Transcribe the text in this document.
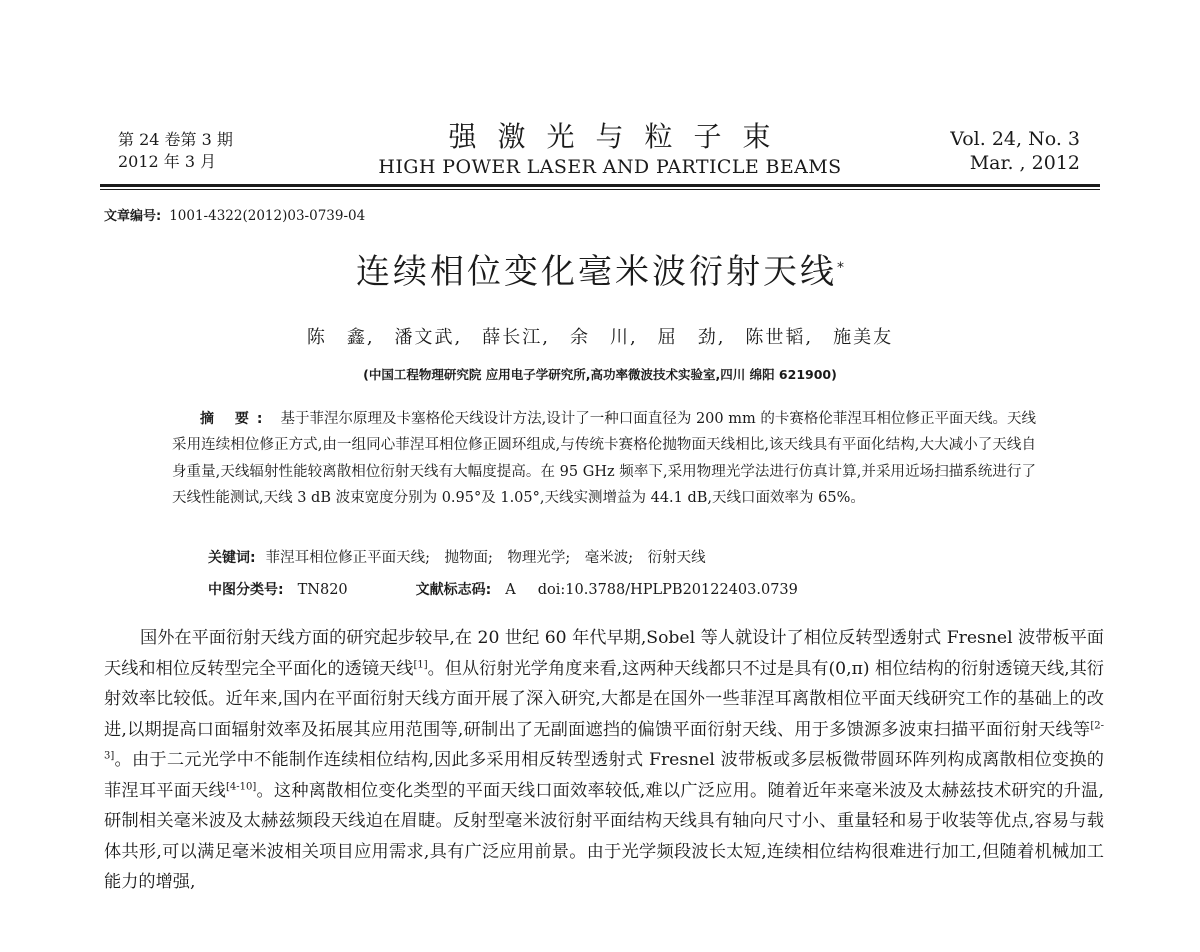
第 24 卷第 3 期
2012 年 3 月
强激光与粒子束
HIGH POWER LASER AND PARTICLE BEAMS
Vol. 24, No. 3
Mar. , 2012
文章编号: 1001-4322(2012)03-0739-04
连续相位变化毫米波衍射天线*
陈　鑫,　潘文武,　薛长江,　余　川,　屈　劲,　陈世韬,　施美友
(中国工程物理研究院 应用电子学研究所,高功率微波技术实验室,四川 绵阳 621900)
摘 要: 基于菲涅尔原理及卡塞格伦天线设计方法,设计了一种口面直径为 200 mm 的卡赛格伦菲涅耳相位修正平面天线。天线采用连续相位修正方式,由一组同心菲涅耳相位修正圆环组成,与传统卡赛格伦抛物面天线相比,该天线具有平面化结构,大大减小了天线自身重量,天线辐射性能较离散相位衍射天线有大幅度提高。在 95 GHz 频率下,采用物理光学法进行仿真计算,并采用近场扫描系统进行了天线性能测试,天线 3 dB 波束宽度分别为 0.95°及 1.05°,天线实测增益为 44.1 dB,天线口面效率为 65%。
关键词: 菲涅耳相位修正平面天线;　抛物面;　物理光学;　毫米波;　衍射天线
中图分类号: TN820	文献标志码: A doi:10.3788/HPLPB20122403.0739
国外在平面衍射天线方面的研究起步较早,在 20 世纪 60 年代早期,Sobel 等人就设计了相位反转型透射式 Fresnel 波带板平面天线和相位反转型完全平面化的透镜天线[1]。但从衍射光学角度来看,这两种天线都只不过是具有(0,π) 相位结构的衍射透镜天线,其衍射效率比较低。近年来,国内在平面衍射天线方面开展了深入研究,大都是在国外一些菲涅耳离散相位平面天线研究工作的基础上的改进,以期提高口面辐射效率及拓展其应用范围等,研制出了无副面遮挡的偏馈平面衍射天线、用于多馈源多波束扫描平面衍射天线等[2-3]。由于二元光学中不能制作连续相位结构,因此多采用相反转型透射式 Fresnel 波带板或多层板微带圆环阵列构成离散相位变换的菲涅耳平面天线[4-10]。这种离散相位变化类型的平面天线口面效率较低,难以广泛应用。随着近年来毫米波及太赫兹技术研究的升温,研制相关毫米波及太赫兹频段天线迫在眉睫。反射型毫米波衍射平面结构天线具有轴向尺寸小、重量轻和易于收装等优点,容易与载体共形,可以满足毫米波相关项目应用需求,具有广泛应用前景。由于光学频段波长太短,连续相位结构很难进行加工,但随着机械加工能力的增强,
